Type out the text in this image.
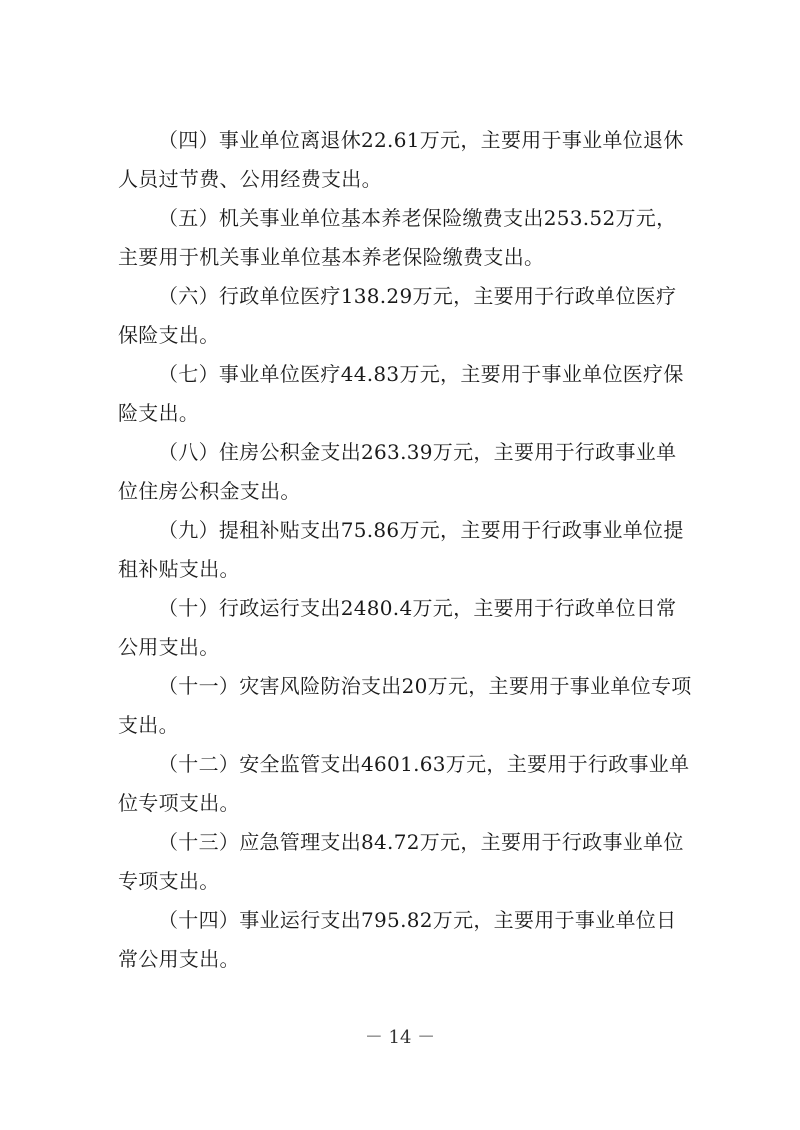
（四）事业单位离退休22.61万元，主要用于事业单位退休人员过节费、公用经费支出。

（五）机关事业单位基本养老保险缴费支出253.52万元，主要用于机关事业单位基本养老保险缴费支出。

（六）行政单位医疗138.29万元，主要用于行政单位医疗保险支出。

（七）事业单位医疗44.83万元，主要用于事业单位医疗保险支出。

（八）住房公积金支出263.39万元，主要用于行政事业单位住房公积金支出。

（九）提租补贴支出75.86万元，主要用于行政事业单位提租补贴支出。

（十）行政运行支出2480.4万元，主要用于行政单位日常公用支出。

（十一）灾害风险防治支出20万元，主要用于事业单位专项支出。

（十二）安全监管支出4601.63万元，主要用于行政事业单位专项支出。

（十三）应急管理支出84.72万元，主要用于行政事业单位专项支出。

（十四）事业运行支出795.82万元，主要用于事业单位日常公用支出。

－ 14 －
